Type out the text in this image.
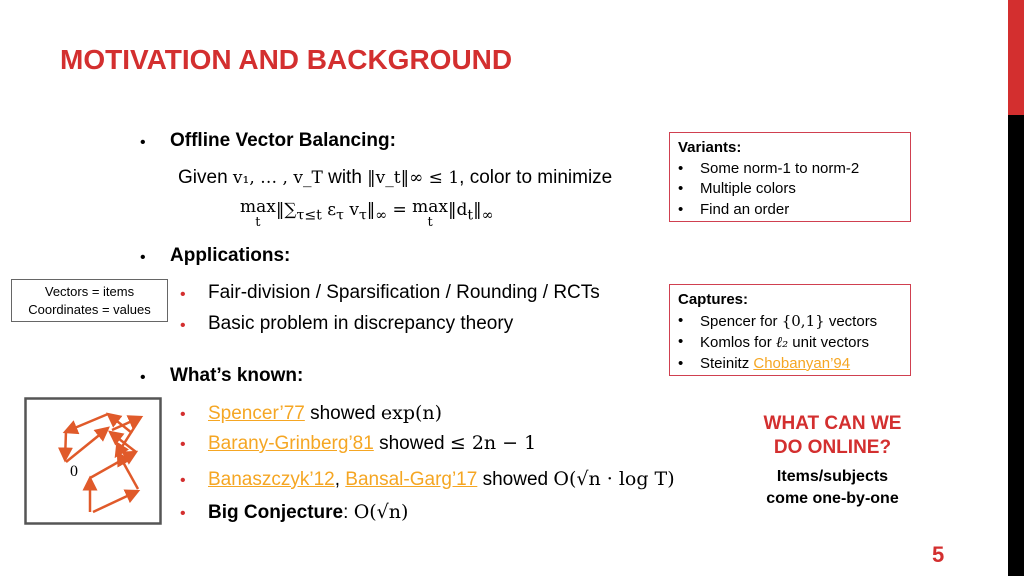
MOTIVATION AND BACKGROUND
• Offline Vector Balancing:
Given v₁, … , v_T with ‖v_t‖∞ ≤ 1, color to minimize
max
$t‖\sum_{\tau\le t}$ $\varepsilon_\tau$ $v_\tau‖_\infty = \max$
$t‖d_t‖_\infty$
• Applications:
• Fair-division / Sparsification / Rounding / RCTs
• Basic problem in discrepancy theory
Vectors = items
Coordinates = values
• What’s known:
• Spencer’77 showed exp(n)
• Barany-Grinberg’81 showed ≤ 2n − 1
• Banaszczyk’12, Bansal-Garg’17 showed O(√n · log T)
• Big Conjecture: O(√n)
0
Variants:
• Some norm-1 to norm-2
• Multiple colors
• Find an order
Captures:
• Spencer for {0,1} vectors
• Komlos for ℓ₂ unit vectors
• Steinitz Chobanyan’94
WHAT CAN WE
DO ONLINE?
Items/subjects
come one-by-one
5
